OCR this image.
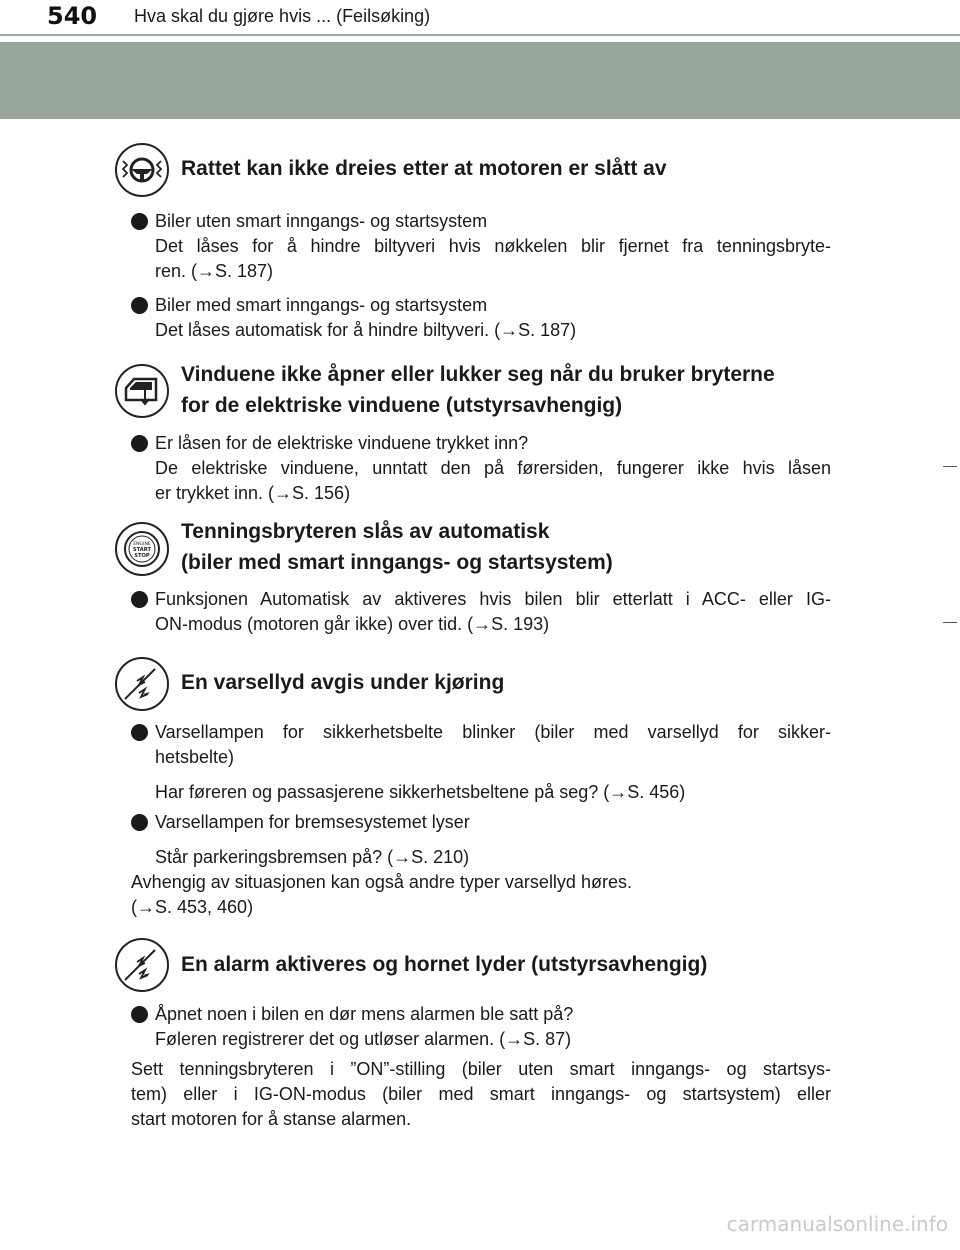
540 Hva skal du gjøre hvis ... (Feilsøking)
Rattet kan ikke dreies etter at motoren er slått av
Biler uten smart inngangs- og startsystem
Det låses for å hindre biltyveri hvis nøkkelen blir fjernet fra tenningsbryte-
ren. (→S. 187)
Biler med smart inngangs- og startsystem
Det låses automatisk for å hindre biltyveri. (→S. 187)
Vinduene ikke åpner eller lukker seg når du bruker bryterne
for de elektriske vinduene (utstyrsavhengig)
Er låsen for de elektriske vinduene trykket inn?
De elektriske vinduene, unntatt den på førersiden, fungerer ikke hvis låsen
er trykket inn. (→S. 156)
ENGINE
START
STOP
Tenningsbryteren slås av automatisk
(biler med smart inngangs- og startsystem)
Funksjonen Automatisk av aktiveres hvis bilen blir etterlatt i ACC- eller IG-
ON-modus (motoren går ikke) over tid. (→S. 193)
En varsellyd avgis under kjøring
Varsellampen for sikkerhetsbelte blinker (biler med varsellyd for sikker-
hetsbelte)
Har føreren og passasjerene sikkerhetsbeltene på seg? (→S. 456)
Varsellampen for bremsesystemet lyser
Står parkeringsbremsen på? (→S. 210)
Avhengig av situasjonen kan også andre typer varsellyd høres.
(→S. 453, 460)
En alarm aktiveres og hornet lyder (utstyrsavhengig)
Åpnet noen i bilen en dør mens alarmen ble satt på?
Føleren registrerer det og utløser alarmen. (→S. 87)
Sett tenningsbryteren i ”ON”-stilling (biler uten smart inngangs- og startsys-
tem) eller i IG-ON-modus (biler med smart inngangs- og startsystem) eller
start motoren for å stanse alarmen.
carmanualsonline.info
